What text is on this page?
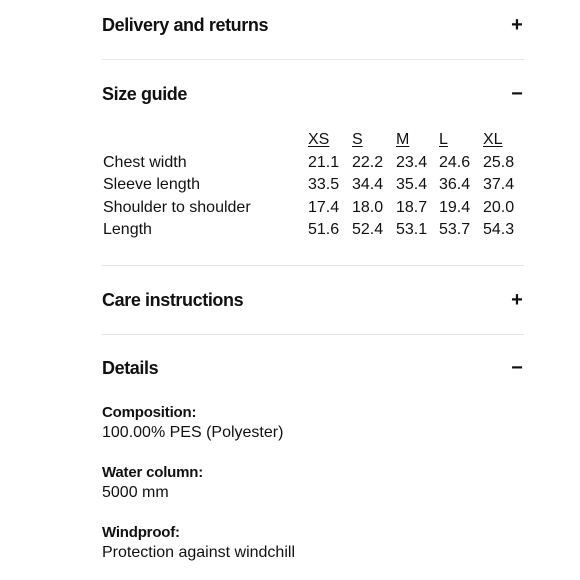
Delivery and returns	+
Size guide	−
	XS	S	M	L	XL
Chest width	21.1	22.2	23.4	24.6	25.8
Sleeve length	33.5	34.4	35.4	36.4	37.4
Shoulder to shoulder	17.4	18.0	18.7	19.4	20.0
Length	51.6	52.4	53.1	53.7	54.3
Care instructions	+
Details	−
Composition:
100.00% PES (Polyester)
Water column:
5000 mm
Windproof:
Protection against windchill
